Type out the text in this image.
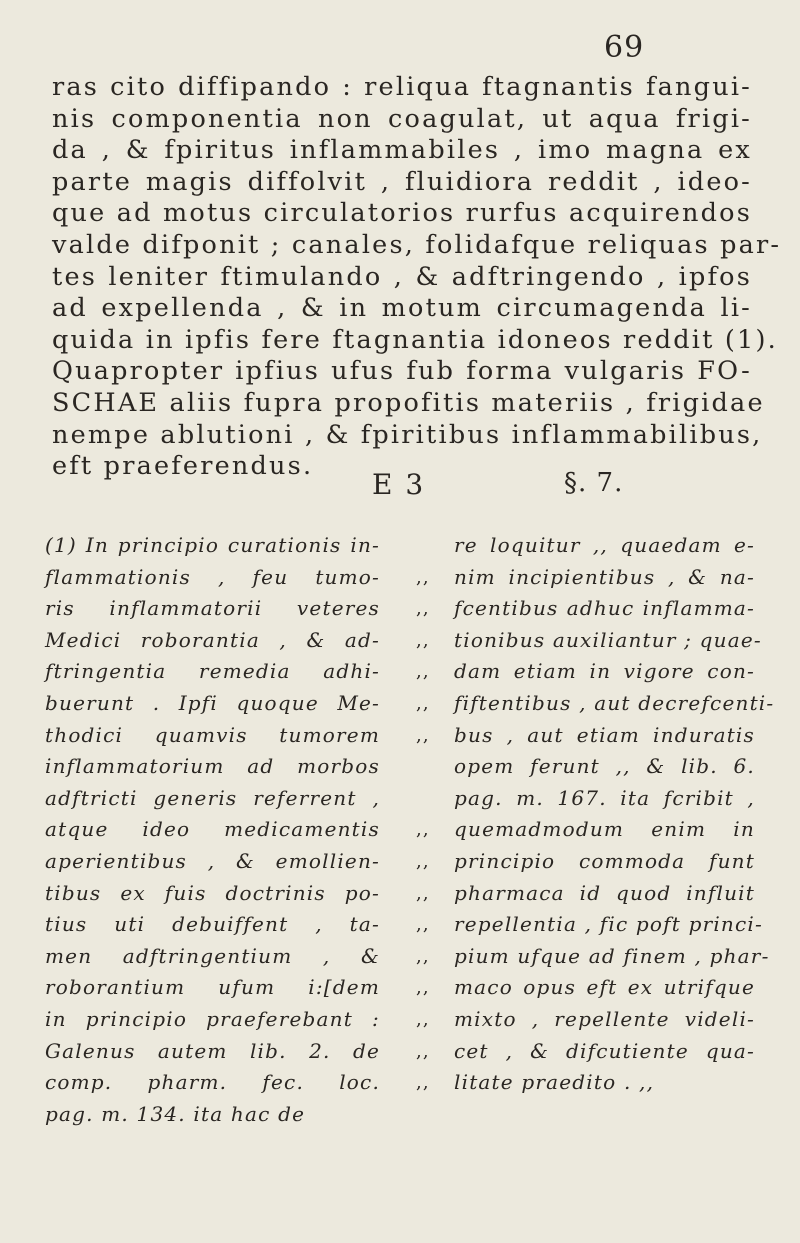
69
ras cito diffipando : reliqua ftagnantis fangui-
nis componentia non coagulat, ut aqua frigi-
da , & fpiritus inflammabiles , imo magna ex
parte magis diffolvit , fluidiora reddit , ideo-
que ad motus circulatorios rurfus acquirendos
valde difponit ; canales, folidafque reliquas par-
tes leniter ftimulando , & adftringendo , ipfos
ad expellenda , & in motum circumagenda li-
quida in ipfis fere ftagnantia idoneos reddit (1).
Quapropter ipfius ufus fub forma vulgaris FO-
SCHAE aliis fupra propofitis materiis , frigidae
nempe ablutioni , & fpiritibus inflammabilibus,
eft praeferendus.
E 3	§. 7.
(1) In principio curationis in-
flammationis , feu tumo-
ris inflammatorii veteres
Medici roborantia , & ad-
ftringentia remedia adhi-
buerunt . Ipfi quoque Me-
thodici quamvis tumorem
inflammatorium ad morbos
adftricti generis referrent ,
atque ideo medicamentis
aperientibus , & emollien-
tibus ex fuis doctrinis po-
tius uti debuiffent , ta-
men adftringentium , &
roborantium ufum i:[dem
in principio praeferebant :
Galenus autem lib. 2. de
comp. pharm. fec. loc.
pag. m. 134. ita hac de
re loquitur ,, quaedam e-
,, nim incipientibus , & na-
,, fcentibus adhuc inflamma-
,, tionibus auxiliantur ; quae-
,, dam etiam in vigore con-
,, fiftentibus , aut decrefcenti-
,, bus , aut etiam induratis
opem ferunt ,, & lib. 6.
pag. m. 167. ita fcribit ,
,, quemadmodum enim in
,, principio commoda funt
,, pharmaca id quod influit
,, repellentia , fic poft princi-
,, pium ufque ad finem , phar-
,, maco opus eft ex utrifque
,, mixto , repellente videli-
,, cet , & difcutiente qua-
,, litate praedito . ,,
